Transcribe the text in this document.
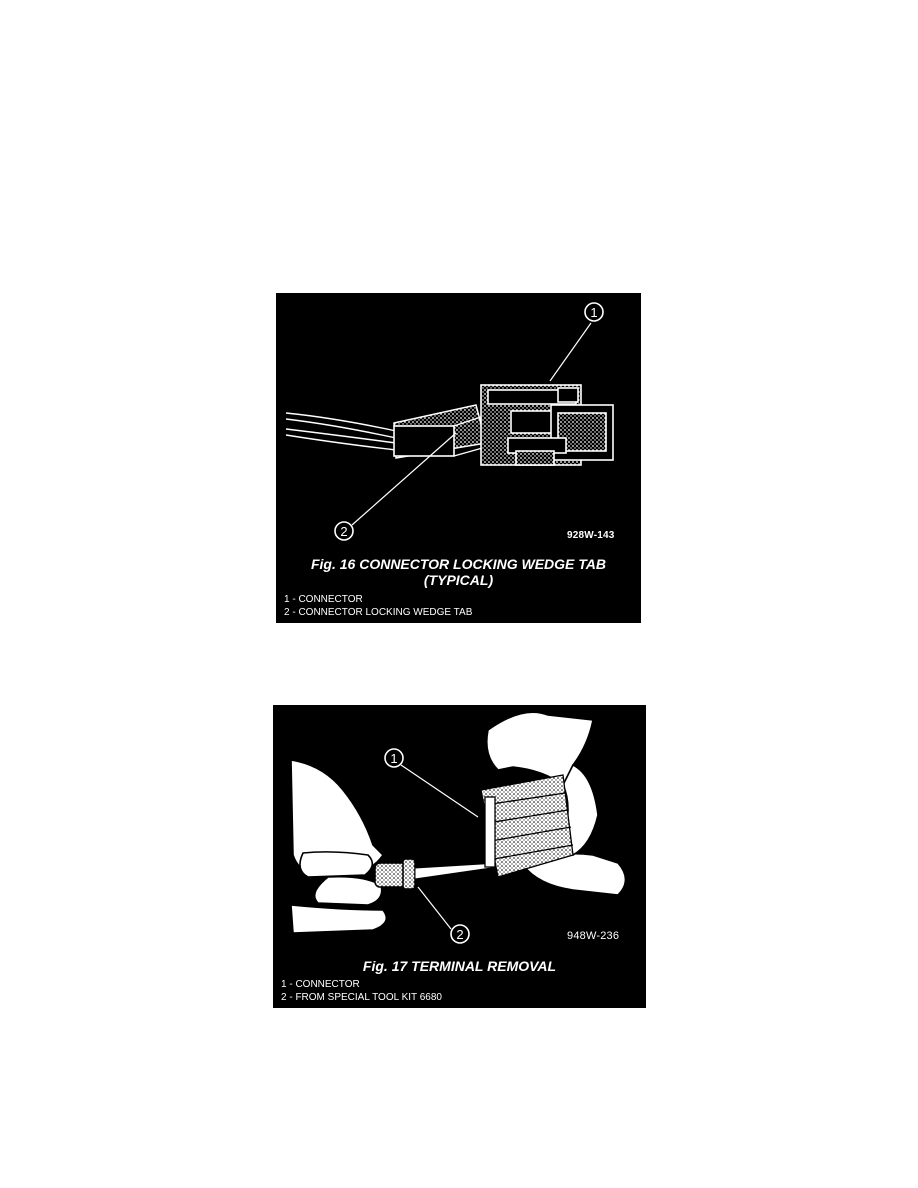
1
2	928W-143
Fig. 16 CONNECTOR LOCKING WEDGE TAB
(TYPICAL)
1 - CONNECTOR
2 - CONNECTOR LOCKING WEDGE TAB
1
2	948W-236
Fig. 17 TERMINAL REMOVAL
1 - CONNECTOR
2 - FROM SPECIAL TOOL KIT 6680
